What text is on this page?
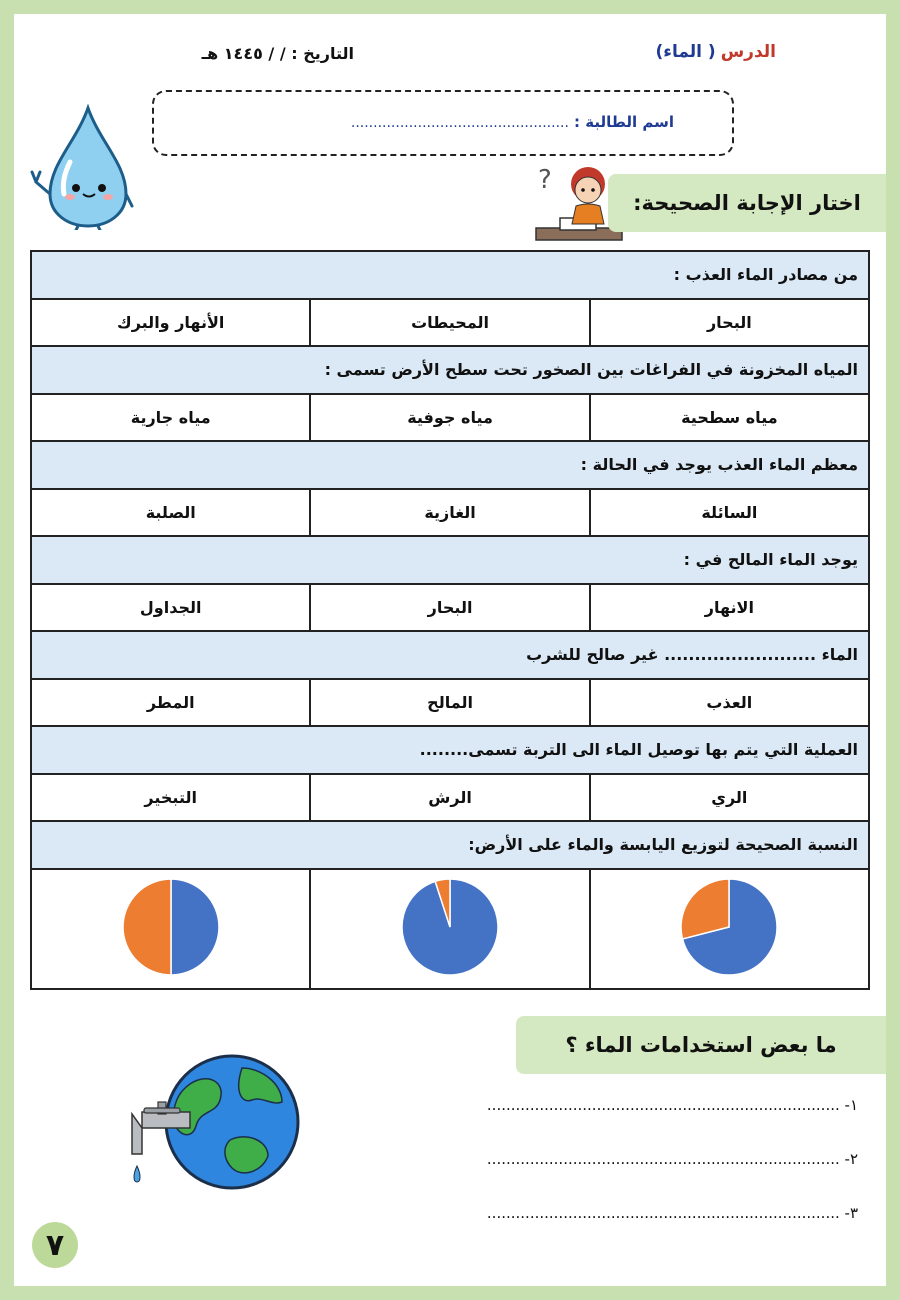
الدرس ( الماء)
التاريخ : / / ١٤٤٥ هـ
اسم الطالبة : .................................................
?
اختار الإجابة الصحيحة:
من مصادر الماء العذب :		
البحار	المحيطات	الأنهار والبرك
المياه المخزونة في الفراغات بين الصخور تحت سطح الأرض تسمى :		
مياه سطحية	مياه جوفية	مياه جارية
معظم الماء العذب يوجد في الحالة :		
السائلة	الغازية	الصلبة
يوجد الماء المالح في :		
الانهار	البحار	الجداول
الماء ......................... غير صالح للشرب		
العذب	المالح	المطر
العملية التي يتم بها توصيل الماء الى التربة تسمى........		
الري	الرش	التبخير
النسبة الصحيحة لتوزيع اليابسة والماء على الأرض:		

ما بعض استخدامات الماء ؟
١- ..........................................................................
٢- ..........................................................................
٣- ..........................................................................
٧
